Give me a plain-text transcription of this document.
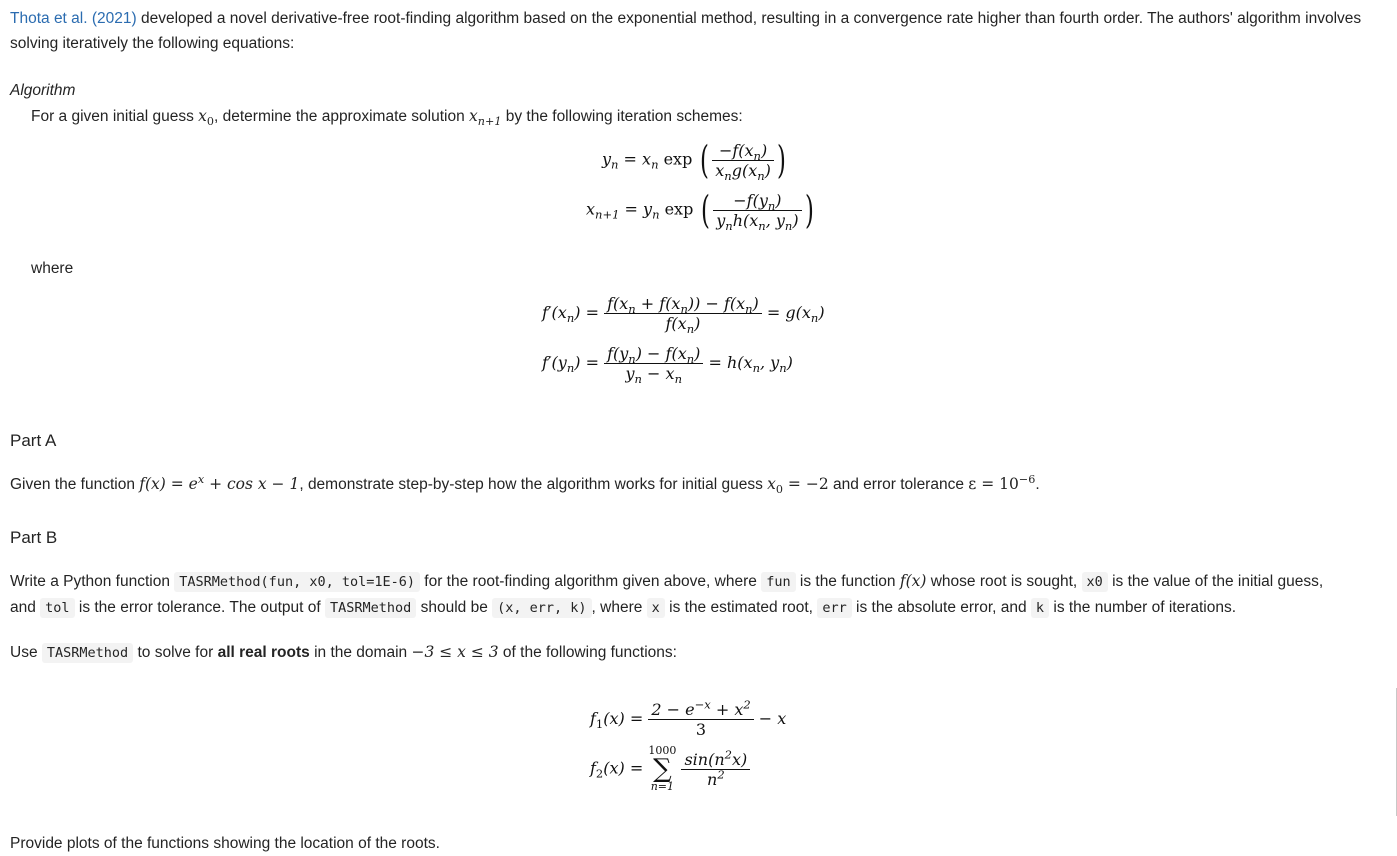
Thota et al. (2021) developed a novel derivative-free root-finding algorithm based on the exponential method, resulting in a convergence rate higher than fourth order. The authors' algorithm involves
solving iteratively the following equations:

Algorithm

For a given initial guess $x_0$, determine the approximate solution $x_{n+1}$ by the following iteration schemes:

$y_n = x_n$ exp ( $\frac{-f(x_n)}{x_ng(x_n)}$ )
$x_{n+1} = y_n$ exp ( $\frac{-f(y_n)}{y_nh(x_n, y_n)}$ )

where

$f'(x_n) = \frac{f(x_n + f(x_n)) - f(x_n)}{f(x_n)} = g(x_n)$
$f'(y_n) = \frac{f(y_n) - f(x_n)}{y_n - x_n} = h(x_n$, $y_n$)

Part A

Given the function $f(x) = e^x + \cos x - 1$, demonstrate step-by-step how the algorithm works for initial guess $x_0 = -2$ and error tolerance $\varepsilon = 10^{-6}$.

Part B

Write a Python function TASRMethod(fun, x0, tol=1E-6) for the root-finding algorithm given above, where fun is the function f(x) whose root is sought, x0 is the value of the initial guess,
and tol is the error tolerance. The output of TASRMethod should be (x, err, k) , where x is the estimated root, err is the absolute error, and k is the number of iterations.

Use TASRMethod to solve for all real roots in the domain −3 ≤ x ≤ 3 of the following functions:

$f_1(x) = \frac{2 - e^{-x} + x^2}{3} - x$
$f_2(x)$ =
1000
∑
n=1
$\frac{\sin(n^2x)}{n^2}$

Provide plots of the functions showing the location of the roots.
